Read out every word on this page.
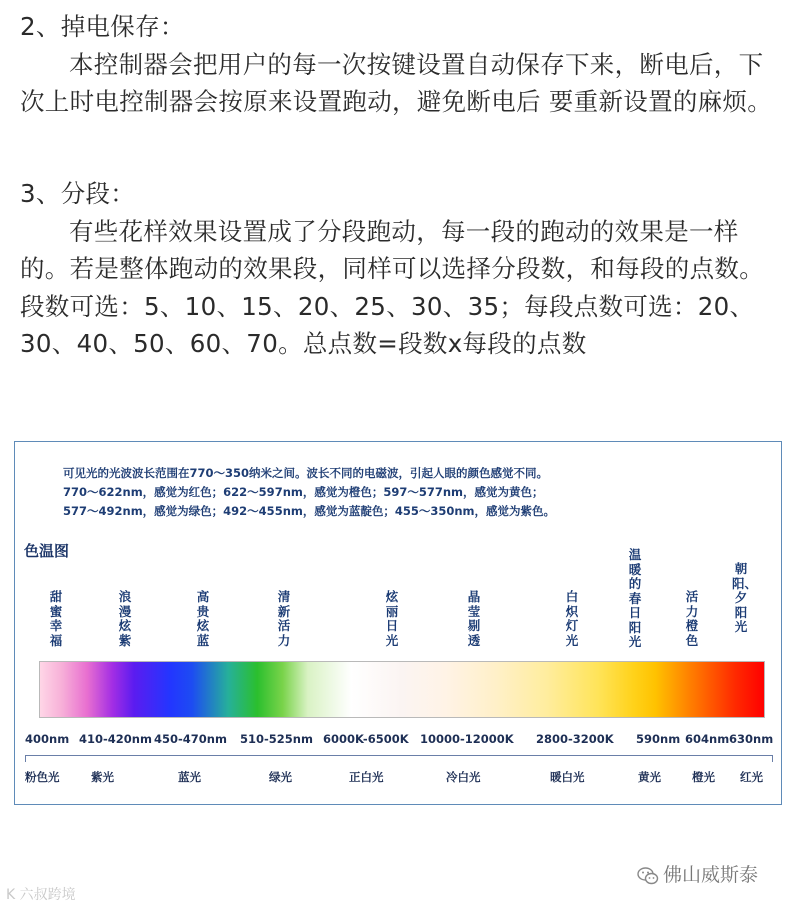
2、掉电保存：
本控制器会把用户的每一次按键设置自动保存下来，断电后，下次上时电控制器会按原来设置跑动，避免断电后 要重新设置的麻烦。
3、分段：
有些花样效果设置成了分段跑动，每一段的跑动的效果是一样的。若是整体跑动的效果段，同样可以选择分段数，和每段的点数。段数可选：5、10、15、20、25、30、35；每段点数可选：20、30、40、50、60、70。总点数=段数x每段的点数
可见光的光波波长范围在770～350纳米之间。波长不同的电磁波，引起人眼的颜色感觉不同。
770～622nm，感觉为红色；622～597nm，感觉为橙色；597～577nm，感觉为黄色；
577～492nm，感觉为绿色；492～455nm，感觉为蓝靛色；455～350nm，感觉为紫色。
色温图
甜蜜幸福
浪漫炫紫
高贵炫蓝
清新活力
炫丽日光
晶莹剔透
白炽灯光
温暖的春日阳光
活力橙色
朝阳、夕阳光
400nm 410-420nm 450-470nm 510-525nm 6000K-6500K 10000-12000K 2800-3200K 590nm 604nm 630nm
粉色光	紫光	蓝光	绿光	正白光	冷白光	暖白光	黄光	橙光 红光
佛山威斯泰
K 六叔跨境
